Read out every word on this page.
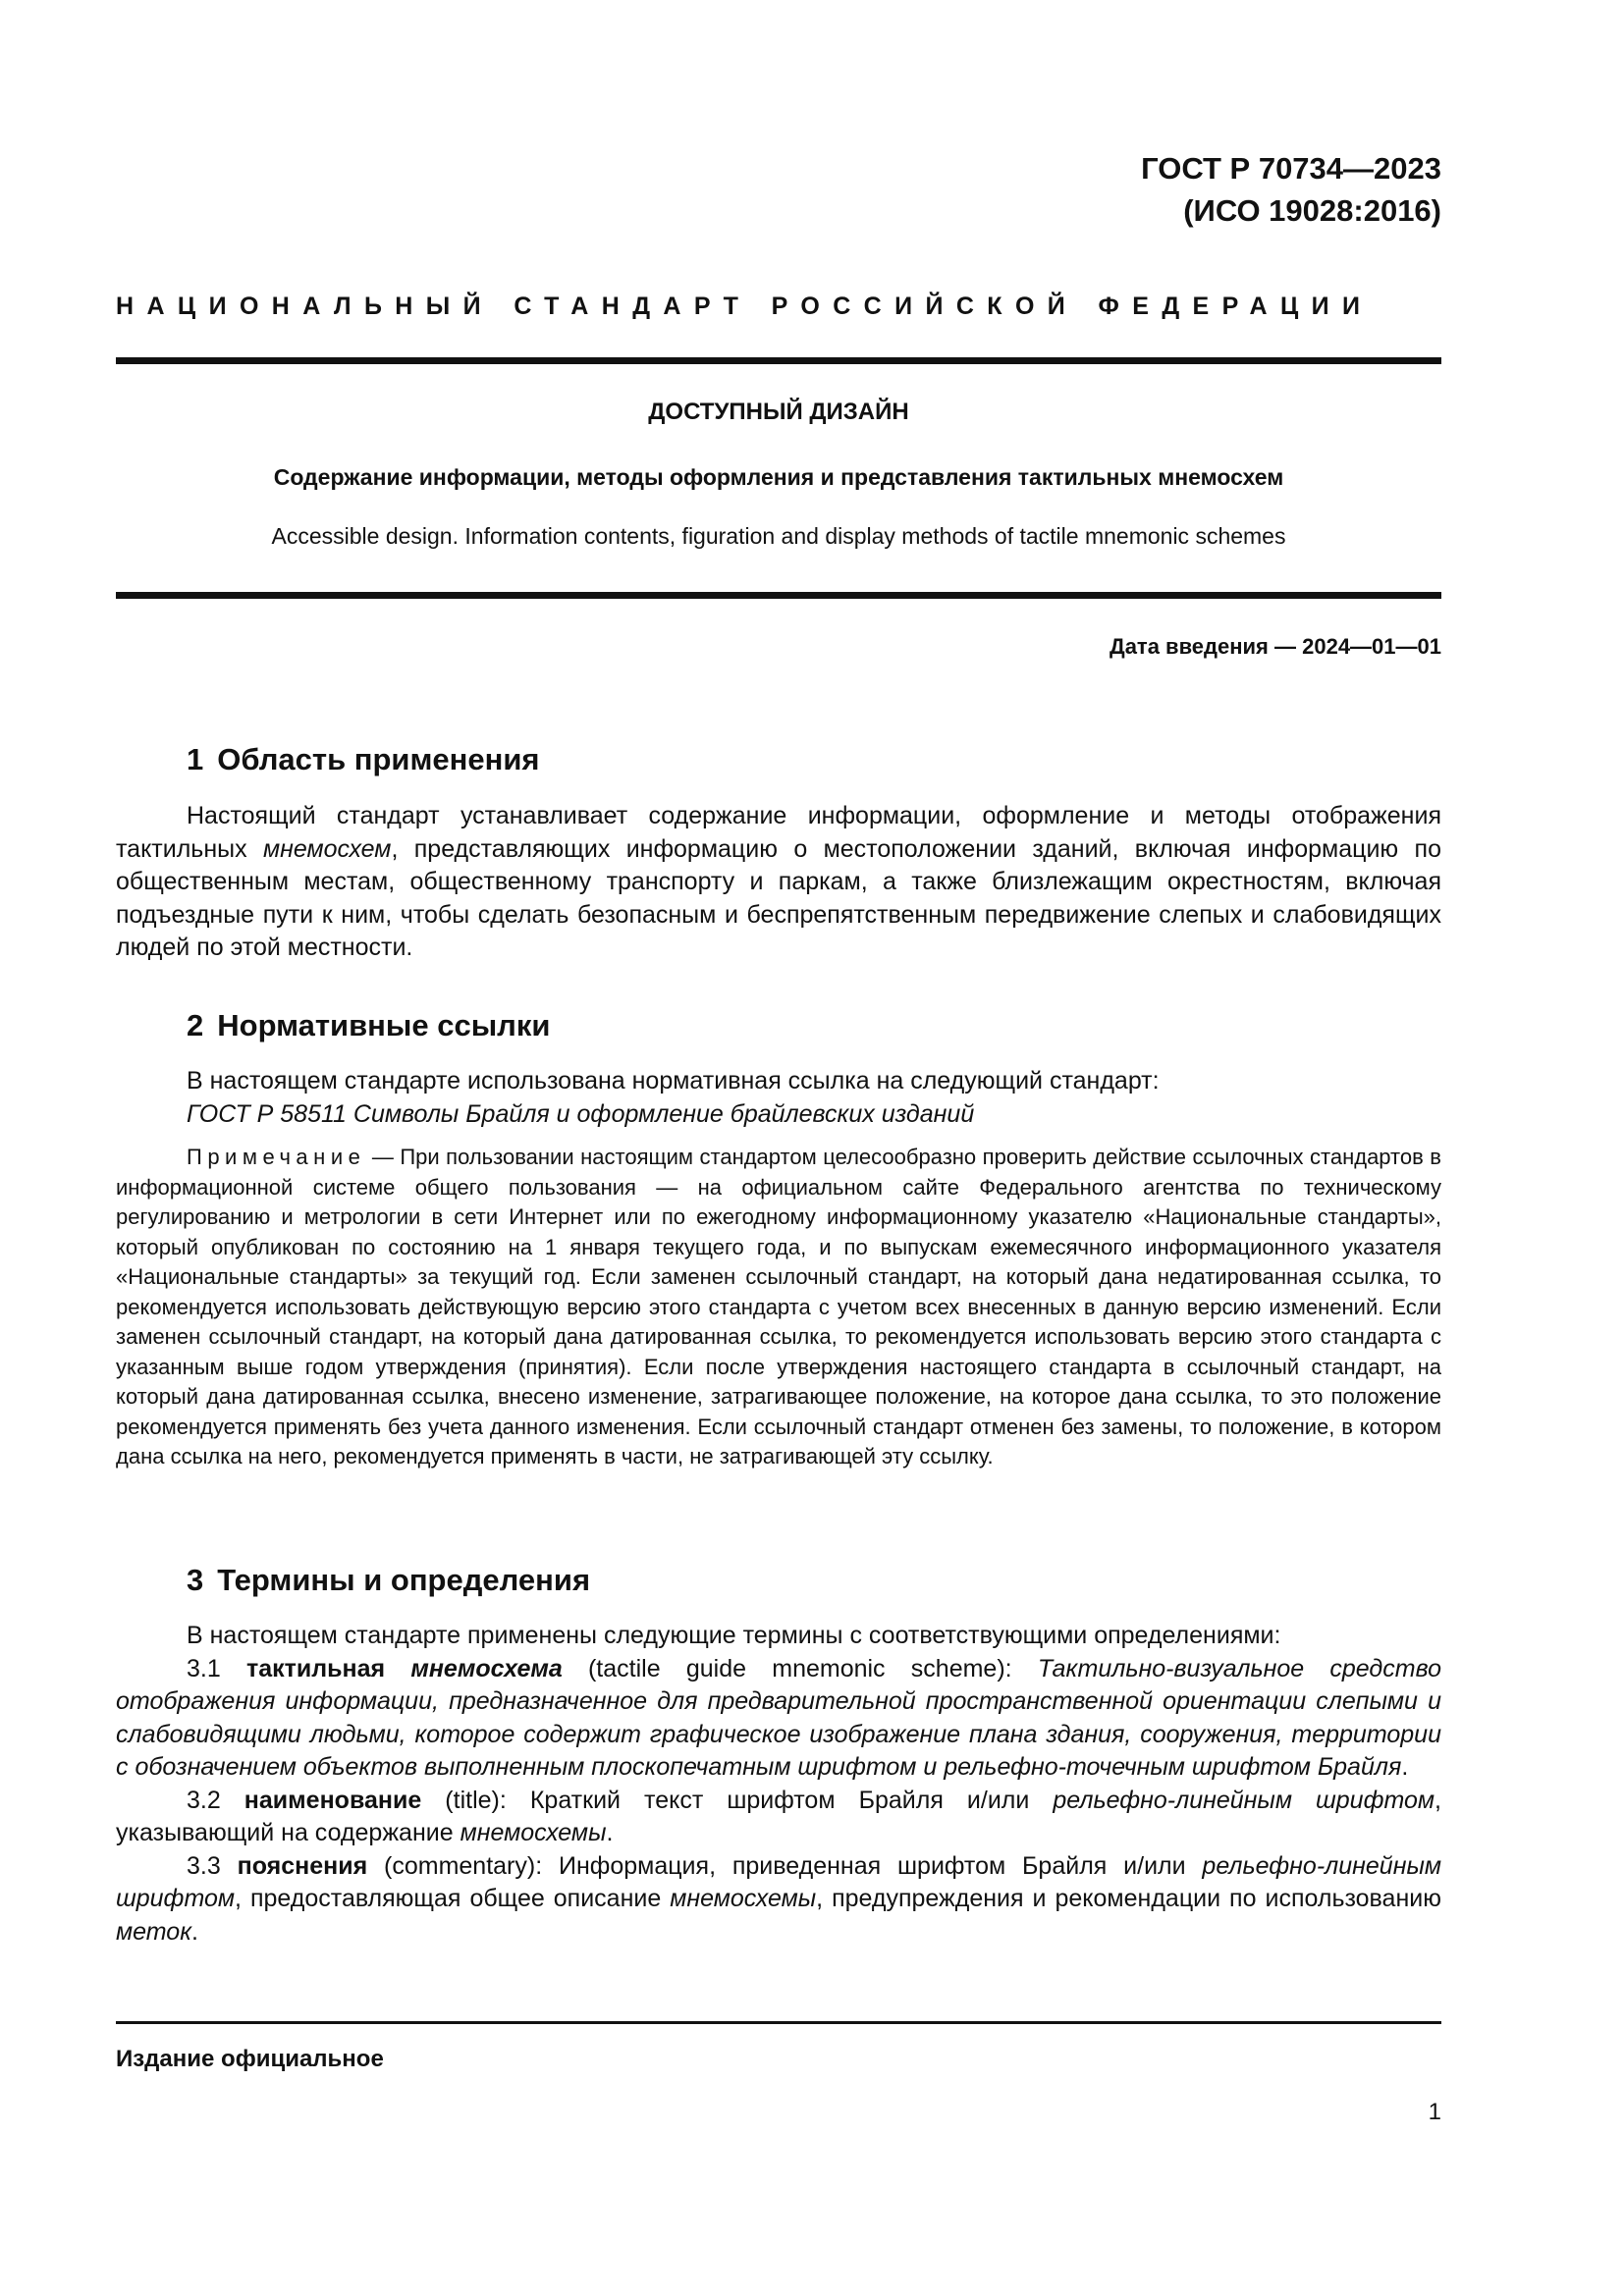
ГОСТ Р 70734—2023
(ИСО 19028:2016)
НАЦИОНАЛЬНЫЙ СТАНДАРТ РОССИЙСКОЙ ФЕДЕРАЦИИ
ДОСТУПНЫЙ ДИЗАЙН
Содержание информации, методы оформления и представления тактильных мнемосхем
Accessible design. Information contents, figuration and display methods of tactile mnemonic schemes
Дата введения — 2024—01—01
1 Область применения

Настоящий стандарт устанавливает содержание информации, оформление и методы отображения тактильных мнемосхем, представляющих информацию о местоположении зданий, включая информацию по общественным местам, общественному транспорту и паркам, а также близлежащим окрестностям, включая подъездные пути к ним, чтобы сделать безопасным и беспрепятственным передвижение слепых и слабовидящих людей по этой местности.

2 Нормативные ссылки
В настоящем стандарте использована нормативная ссылка на следующий стандарт:
ГОСТ Р 58511 Символы Брайля и оформление брайлевских изданий

Примечание — При пользовании настоящим стандартом целесообразно проверить действие ссылочных стандартов в информационной системе общего пользования — на официальном сайте Федерального агентства по техническому регулированию и метрологии в сети Интернет или по ежегодному информационному указателю «Национальные стандарты», который опубликован по состоянию на 1 января текущего года, и по выпускам ежемесячного информационного указателя «Национальные стандарты» за текущий год. Если заменен ссылочный стандарт, на который дана недатированная ссылка, то рекомендуется использовать действующую версию этого стандарта с учетом всех внесенных в данную версию изменений. Если заменен ссылочный стандарт, на который дана датированная ссылка, то рекомендуется использовать версию этого стандарта с указанным выше годом утверждения (принятия). Если после утверждения настоящего стандарта в ссылочный стандарт, на который дана датированная ссылка, внесено изменение, затрагивающее положение, на которое дана ссылка, то это положение рекомендуется применять без учета данного изменения. Если ссылочный стандарт отменен без замены, то положение, в котором дана ссылка на него, рекомендуется применять в части, не затрагивающей эту ссылку.

3 Термины и определения
В настоящем стандарте применены следующие термины с соответствующими определениями:

3.1 тактильная мнемосхема (tactile guide mnemonic scheme): Тактильно-визуальное средство отображения информации, предназначенное для предварительной пространственной ориентации слепыми и слабовидящими людьми, которое содержит графическое изображение плана здания, сооружения, территории с обозначением объектов выполненным плоскопечатным шрифтом и рельефно-точечным шрифтом Брайля.

3.2 наименование (title): Краткий текст шрифтом Брайля и/или рельефно-линейным шрифтом, указывающий на содержание мнемосхемы.

3.3 пояснения (commentary): Информация, приведенная шрифтом Брайля и/или рельефно-линейным шрифтом, предоставляющая общее описание мнемосхемы, предупреждения и рекомендации по использованию меток.

Издание официальное
1
